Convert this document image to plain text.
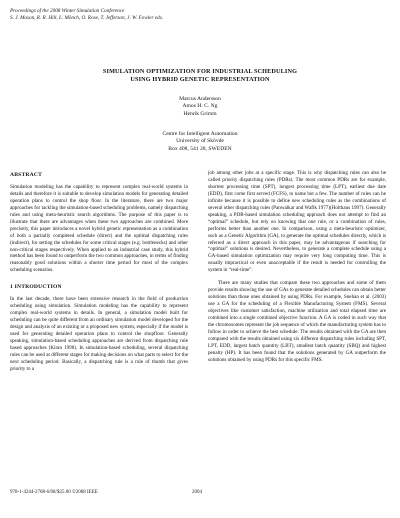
Proceedings of the 2008 Winter Simulation Conference
S. J. Mason, R. R. Hill, L. Mönch, O. Rose, T. Jefferson, J. W. Fowler eds.
SIMULATION OPTIMIZATION FOR INDUSTRIAL SCHEDULING
USING HYBRID GENETIC REPRESENTATION
Marcus Andersson
Amos H. C. Ng
Henrik Grimm
Centre for Intelligent Automation
University of Skövde
Box 408, 541 28, SWEDEN
ABSTRACT

Simulation modeling has the capability to represent complex real-world systems in details and therefore it is suitable to develop simulation models for generating detailed operation plans to control the shop floor. In the literature, there are two major approaches for tackling the simulation-based scheduling problems, namely dispatching rules and using meta-heuristic search algorithms. The purpose of this paper is to illustrate that there are advantages when these two approaches are combined. More precisely, this paper introduces a novel hybrid genetic representation as a combination of both a partially completed schedule (direct) and the optimal dispatching rules (indirect), for setting the schedules for some critical stages (e.g. bottlenecks) and other non-critical stages respectively. When applied to an industrial case study, this hybrid method has been found to outperform the two common approaches, in terms of finding reasonably good solutions within a shorter time period for most of the complex scheduling scenarios.

1 INTRODUCTION

In the last decade, there have been extensive research in the field of production scheduling using simulation. Simulation modeling has the capability to represent complex real-world systems in details. In general, a simulation model built for scheduling can be quite different from an ordinary simulation model developed for the design and analysis of an existing or a proposed new system, especially if the model is used for generating detailed operation plans to control the shopfloor. Generally speaking, simulation-based scheduling approaches are derived from dispatching rule based approaches (Kiran 1998). In simulation-based scheduling, several dispatching rules can be used at different stages for making decisions on what parts to select for the next scheduling period. Basically, a dispatching rule is a rule of thumb that gives priority to a

job among other jobs at a specific stage. This is why dispatching rules can also be called priority dispatching rules (PDRs). The most common PDRs are for example, shortest processing time (SPT), longest processing time (LPT), earliest due date (EDD), first come first served (FCFS), to name but a few. The number of rules can be infinite because it is possible to define new scheduling rules as the combinations of several other dispatching rules (Panwalkar and Wafik 1977)(Holthaus 1997). Generally speaking, a PDR-based simulation scheduling approach does not attempt to find an “optimal” schedule, but rely on knowing that one rule, or a combination of rules, performs better than another one. In comparison, using a meta-heuristic optimizer, such as a Genetic Algorithm (GA), to generate the optimal schedules directly, which is referred as a direct approach in this paper, may be advantageous if searching for “optimal” solutions is desired. Nevertheless, to generate a complete schedule using a GA-based simulation optimization may require very long computing time. This is usually impractical or even unacceptable if the result is needed for controlling the system in “real-time”.

There are many studies that compare these two approaches and some of them provide results showing the use of GAs to generate detailed schedules can obtain better solutions than those ones obtained by using PDRs. For example, Snehan et al. (2003) use a GA for the scheduling of a Flexible Manufacturing System (FMS). Several objectives like customer satisfaction, machine utilization and total elapsed time are combined into a single combined objective function. A GA is coded in such way that the chromosomes represent the job sequence of which the manufacturing system has to follow in order to achieve the best schedule. The results obtained with the GA are then compared with the results obtained using six different dispatching rules including SPT, LPT, EDD, largest batch quantity (LBT), smallest batch quantity (SBQ) and highest penalty (HP). It has been found that the solutions generated by GA outperform the solutions obtained by using PDRs for this specific FMS.

978-1-4244-2708-6/08/$25.00 ©2008 IEEE	2004
